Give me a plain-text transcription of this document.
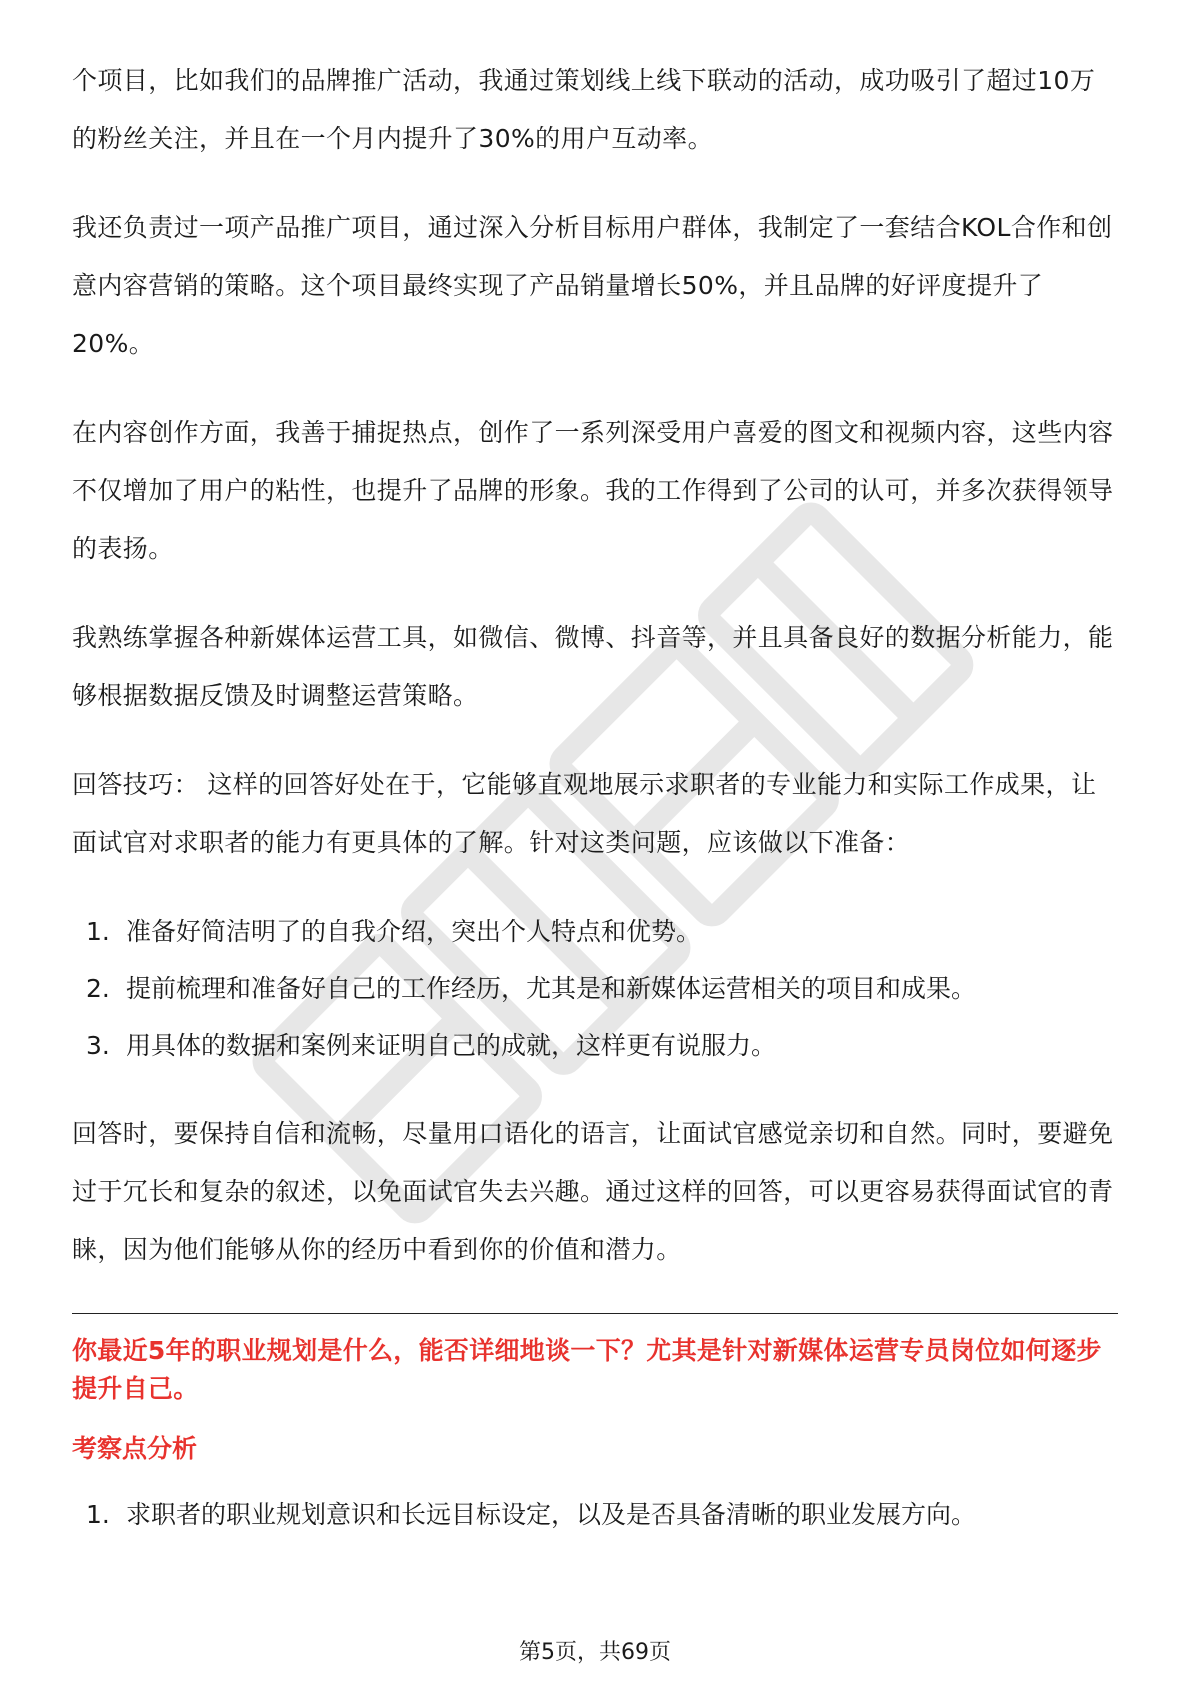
个项目，比如我们的品牌推广活动，我通过策划线上线下联动的活动，成功吸引了超过10万的粉丝关注，并且在一个月内提升了30%的用户互动率。

我还负责过一项产品推广项目，通过深入分析目标用户群体，我制定了一套结合KOL合作和创意内容营销的策略。这个项目最终实现了产品销量增长50%，并且品牌的好评度提升了20%。

在内容创作方面，我善于捕捉热点，创作了一系列深受用户喜爱的图文和视频内容，这些内容不仅增加了用户的粘性，也提升了品牌的形象。我的工作得到了公司的认可，并多次获得领导的表扬。

我熟练掌握各种新媒体运营工具，如微信、微博、抖音等，并且具备良好的数据分析能力，能够根据数据反馈及时调整运营策略。

回答技巧： 这样的回答好处在于，它能够直观地展示求职者的专业能力和实际工作成果，让面试官对求职者的能力有更具体的了解。针对这类问题，应该做以下准备：

1. 准备好简洁明了的自我介绍，突出个人特点和优势。
2. 提前梳理和准备好自己的工作经历，尤其是和新媒体运营相关的项目和成果。
3. 用具体的数据和案例来证明自己的成就，这样更有说服力。

回答时，要保持自信和流畅，尽量用口语化的语言，让面试官感觉亲切和自然。同时，要避免过于冗长和复杂的叙述，以免面试官失去兴趣。通过这样的回答，可以更容易获得面试官的青睐，因为他们能够从你的经历中看到你的价值和潜力。

你最近5年的职业规划是什么，能否详细地谈一下？尤其是针对新媒体运营专员岗位如何逐步提升自己。
考察点分析
1. 求职者的职业规划意识和长远目标设定，以及是否具备清晰的职业发展方向。
第5页，共69页
